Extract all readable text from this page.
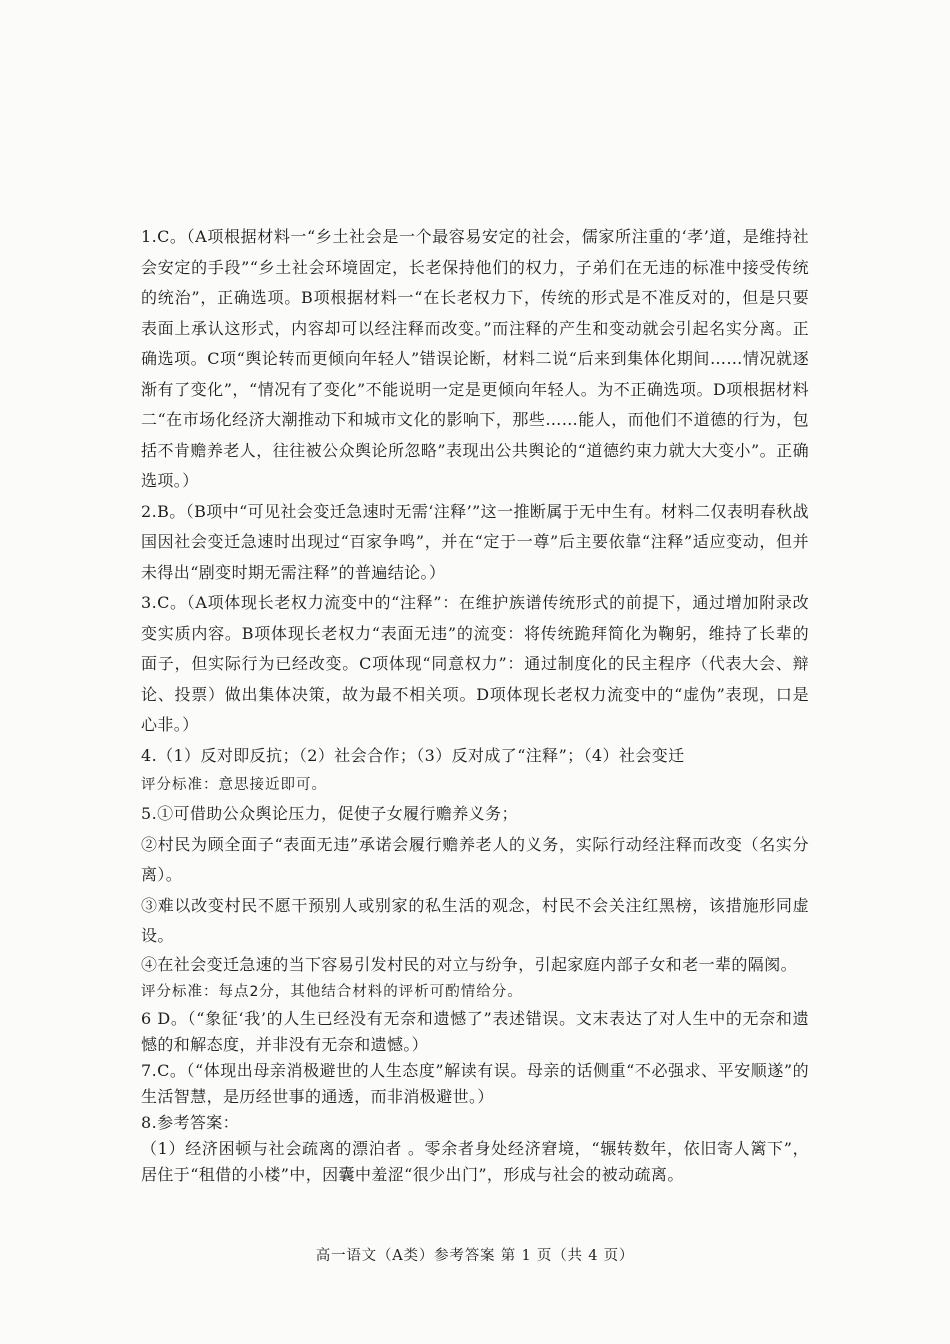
1.C。（A项根据材料一“乡土社会是一个最容易安定的社会，儒家所注重的‘孝’道，是维持社会安定的手段”“乡土社会环境固定，长老保持他们的权力，子弟们在无违的标准中接受传统的统治”，正确选项。B项根据材料一“在长老权力下，传统的形式是不准反对的，但是只要表面上承认这形式，内容却可以经注释而改变。”而注释的产生和变动就会引起名实分离。正确选项。C项“舆论转而更倾向年轻人”错误论断，材料二说“后来到集体化期间……情况就逐渐有了变化”，“情况有了变化”不能说明一定是更倾向年轻人。为不正确选项。D项根据材料二“在市场化经济大潮推动下和城市文化的影响下，那些……能人，而他们不道德的行为，包括不肯赡养老人，往往被公众舆论所忽略”表现出公共舆论的“道德约束力就大大变小”。正确选项。）

2.B。（B项中“可见社会变迁急速时无需‘注释’”这一推断属于无中生有。材料二仅表明春秋战国因社会变迁急速时出现过“百家争鸣”，并在“定于一尊”后主要依靠“注释”适应变动，但并未得出“剧变时期无需注释”的普遍结论。）

3.C。（A项体现长老权力流变中的“注释”：在维护族谱传统形式的前提下，通过增加附录改变实质内容。B项体现长老权力“表面无违”的流变：将传统跪拜简化为鞠躬，维持了长辈的面子，但实际行为已经改变。C项体现“同意权力”：通过制度化的民主程序（代表大会、辩论、投票）做出集体决策，故为最不相关项。D项体现长老权力流变中的“虚伪”表现，口是心非。）

4.（1）反对即反抗；（2）社会合作；（3）反对成了“注释”；（4）社会变迁

评分标准：意思接近即可。

5.①可借助公众舆论压力，促使子女履行赡养义务；

②村民为顾全面子“表面无违”承诺会履行赡养老人的义务，实际行动经注释而改变（名实分离）。

③难以改变村民不愿干预别人或别家的私生活的观念，村民不会关注红黑榜，该措施形同虚设。

④在社会变迁急速的当下容易引发村民的对立与纷争，引起家庭内部子女和老一辈的隔阂。

评分标准：每点2分，其他结合材料的评析可酌情给分。

6 D。（“象征‘我’的人生已经没有无奈和遗憾了”表述错误。文末表达了对人生中的无奈和遗憾的和解态度，并非没有无奈和遗憾。）

7.C。（“体现出母亲消极避世的人生态度”解读有误。母亲的话侧重“不必强求、平安顺遂”的生活智慧，是历经世事的通透，而非消极避世。）

8.参考答案：

（1）经济困顿与社会疏离的漂泊者 。零余者身处经济窘境，“辗转数年，依旧寄人篱下”，居住于“租借的小楼”中，因囊中羞涩“很少出门”，形成与社会的被动疏离。

高一语文（A类）参考答案 第 1 页（共 4 页）
